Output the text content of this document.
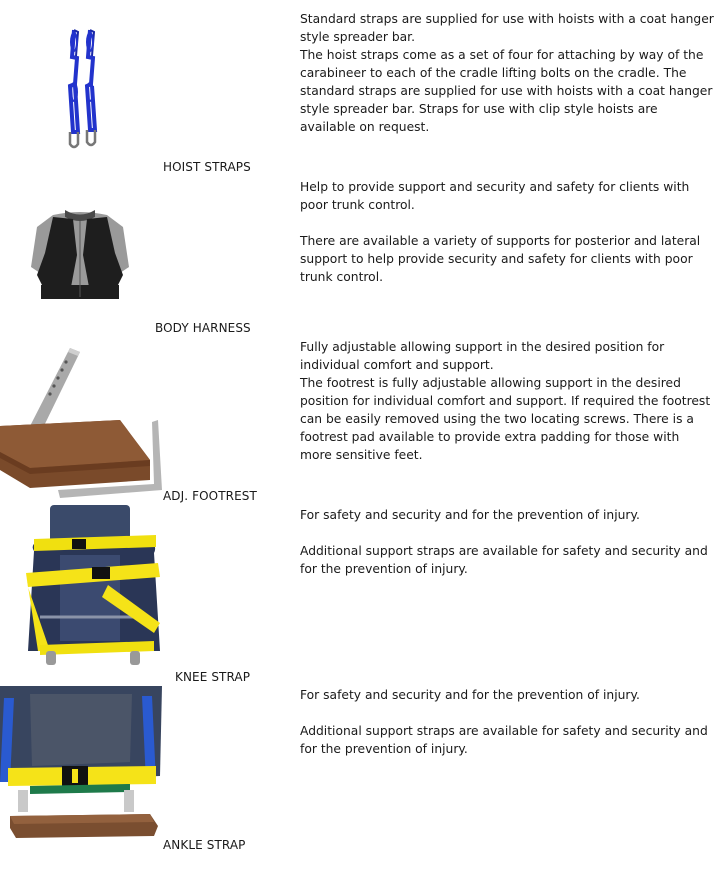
HOIST STRAPS

Standard straps are supplied for use with hoists with a coat hanger style spreader bar.

The hoist straps come as a set of four for attaching by way of the carabineer to each of the cradle lifting bolts on the cradle. The standard straps are supplied for use with hoists with a coat hanger style spreader bar. Straps for use with clip style hoists are available on request.

BODY HARNESS

Help to provide support and security and safety for clients with poor trunk control.

There are available a variety of supports for posterior and lateral support to help provide security and safety for clients with poor trunk control.

ADJ. FOOTREST

Fully adjustable allowing support in the desired position for individual comfort and support.

The footrest is fully adjustable allowing support in the desired position for individual comfort and support. If required the footrest can be easily removed using the two locating screws. There is a footrest pad available to provide extra padding for those with more sensitive feet.

KNEE STRAP

For safety and security and for the prevention of injury.

Additional support straps are available for safety and security and for the prevention of injury.

ANKLE STRAP

For safety and security and for the prevention of injury.

Additional support straps are available for safety and security and for the prevention of injury.
